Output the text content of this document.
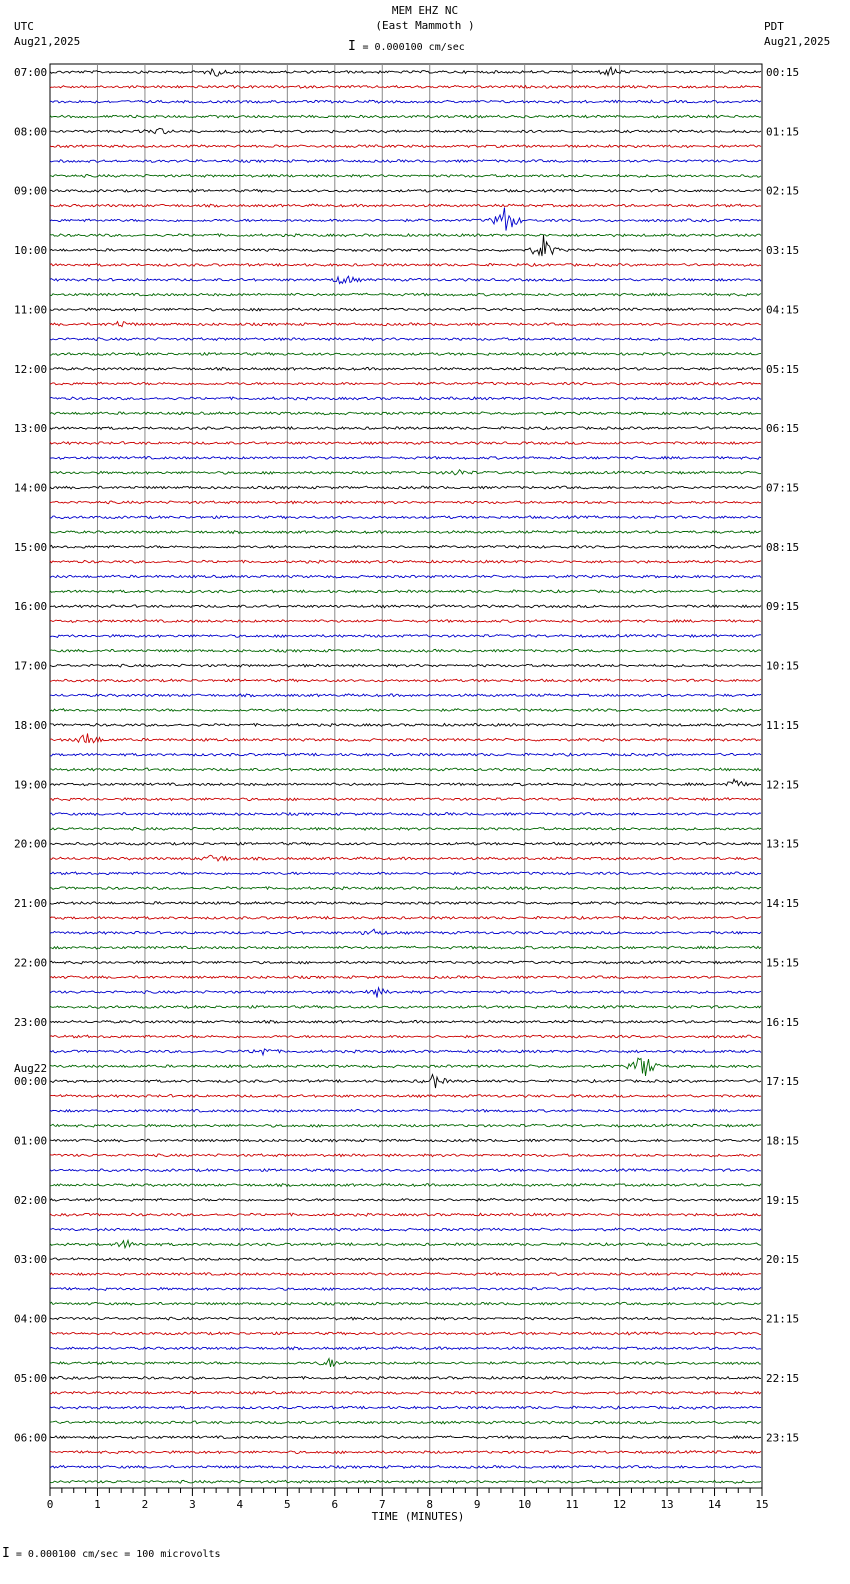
MEM EHZ NC
(East Mammoth )
UTC
Aug21,2025
PDT
Aug21,2025
I = 0.000100 cm/sec
07:00
08:00
09:00
10:00
11:00
12:00
13:00
14:00
15:00
16:00
17:00
18:00
19:00
20:00
21:00
22:00
23:00
Aug22
00:00
01:00
02:00
03:00
04:00
05:00
06:00
00:15
01:15
02:15
03:15
04:15
05:15
06:15
07:15
08:15
09:15
10:15
11:15
12:15
13:15
14:15
15:15
16:15
17:15
18:15
19:15
20:15
21:15
22:15
23:15
0	1	2	3	4	5	6	7	8	9	10	11	12	13	14	15
TIME (MINUTES)
I = 0.000100 cm/sec = 100 microvolts
